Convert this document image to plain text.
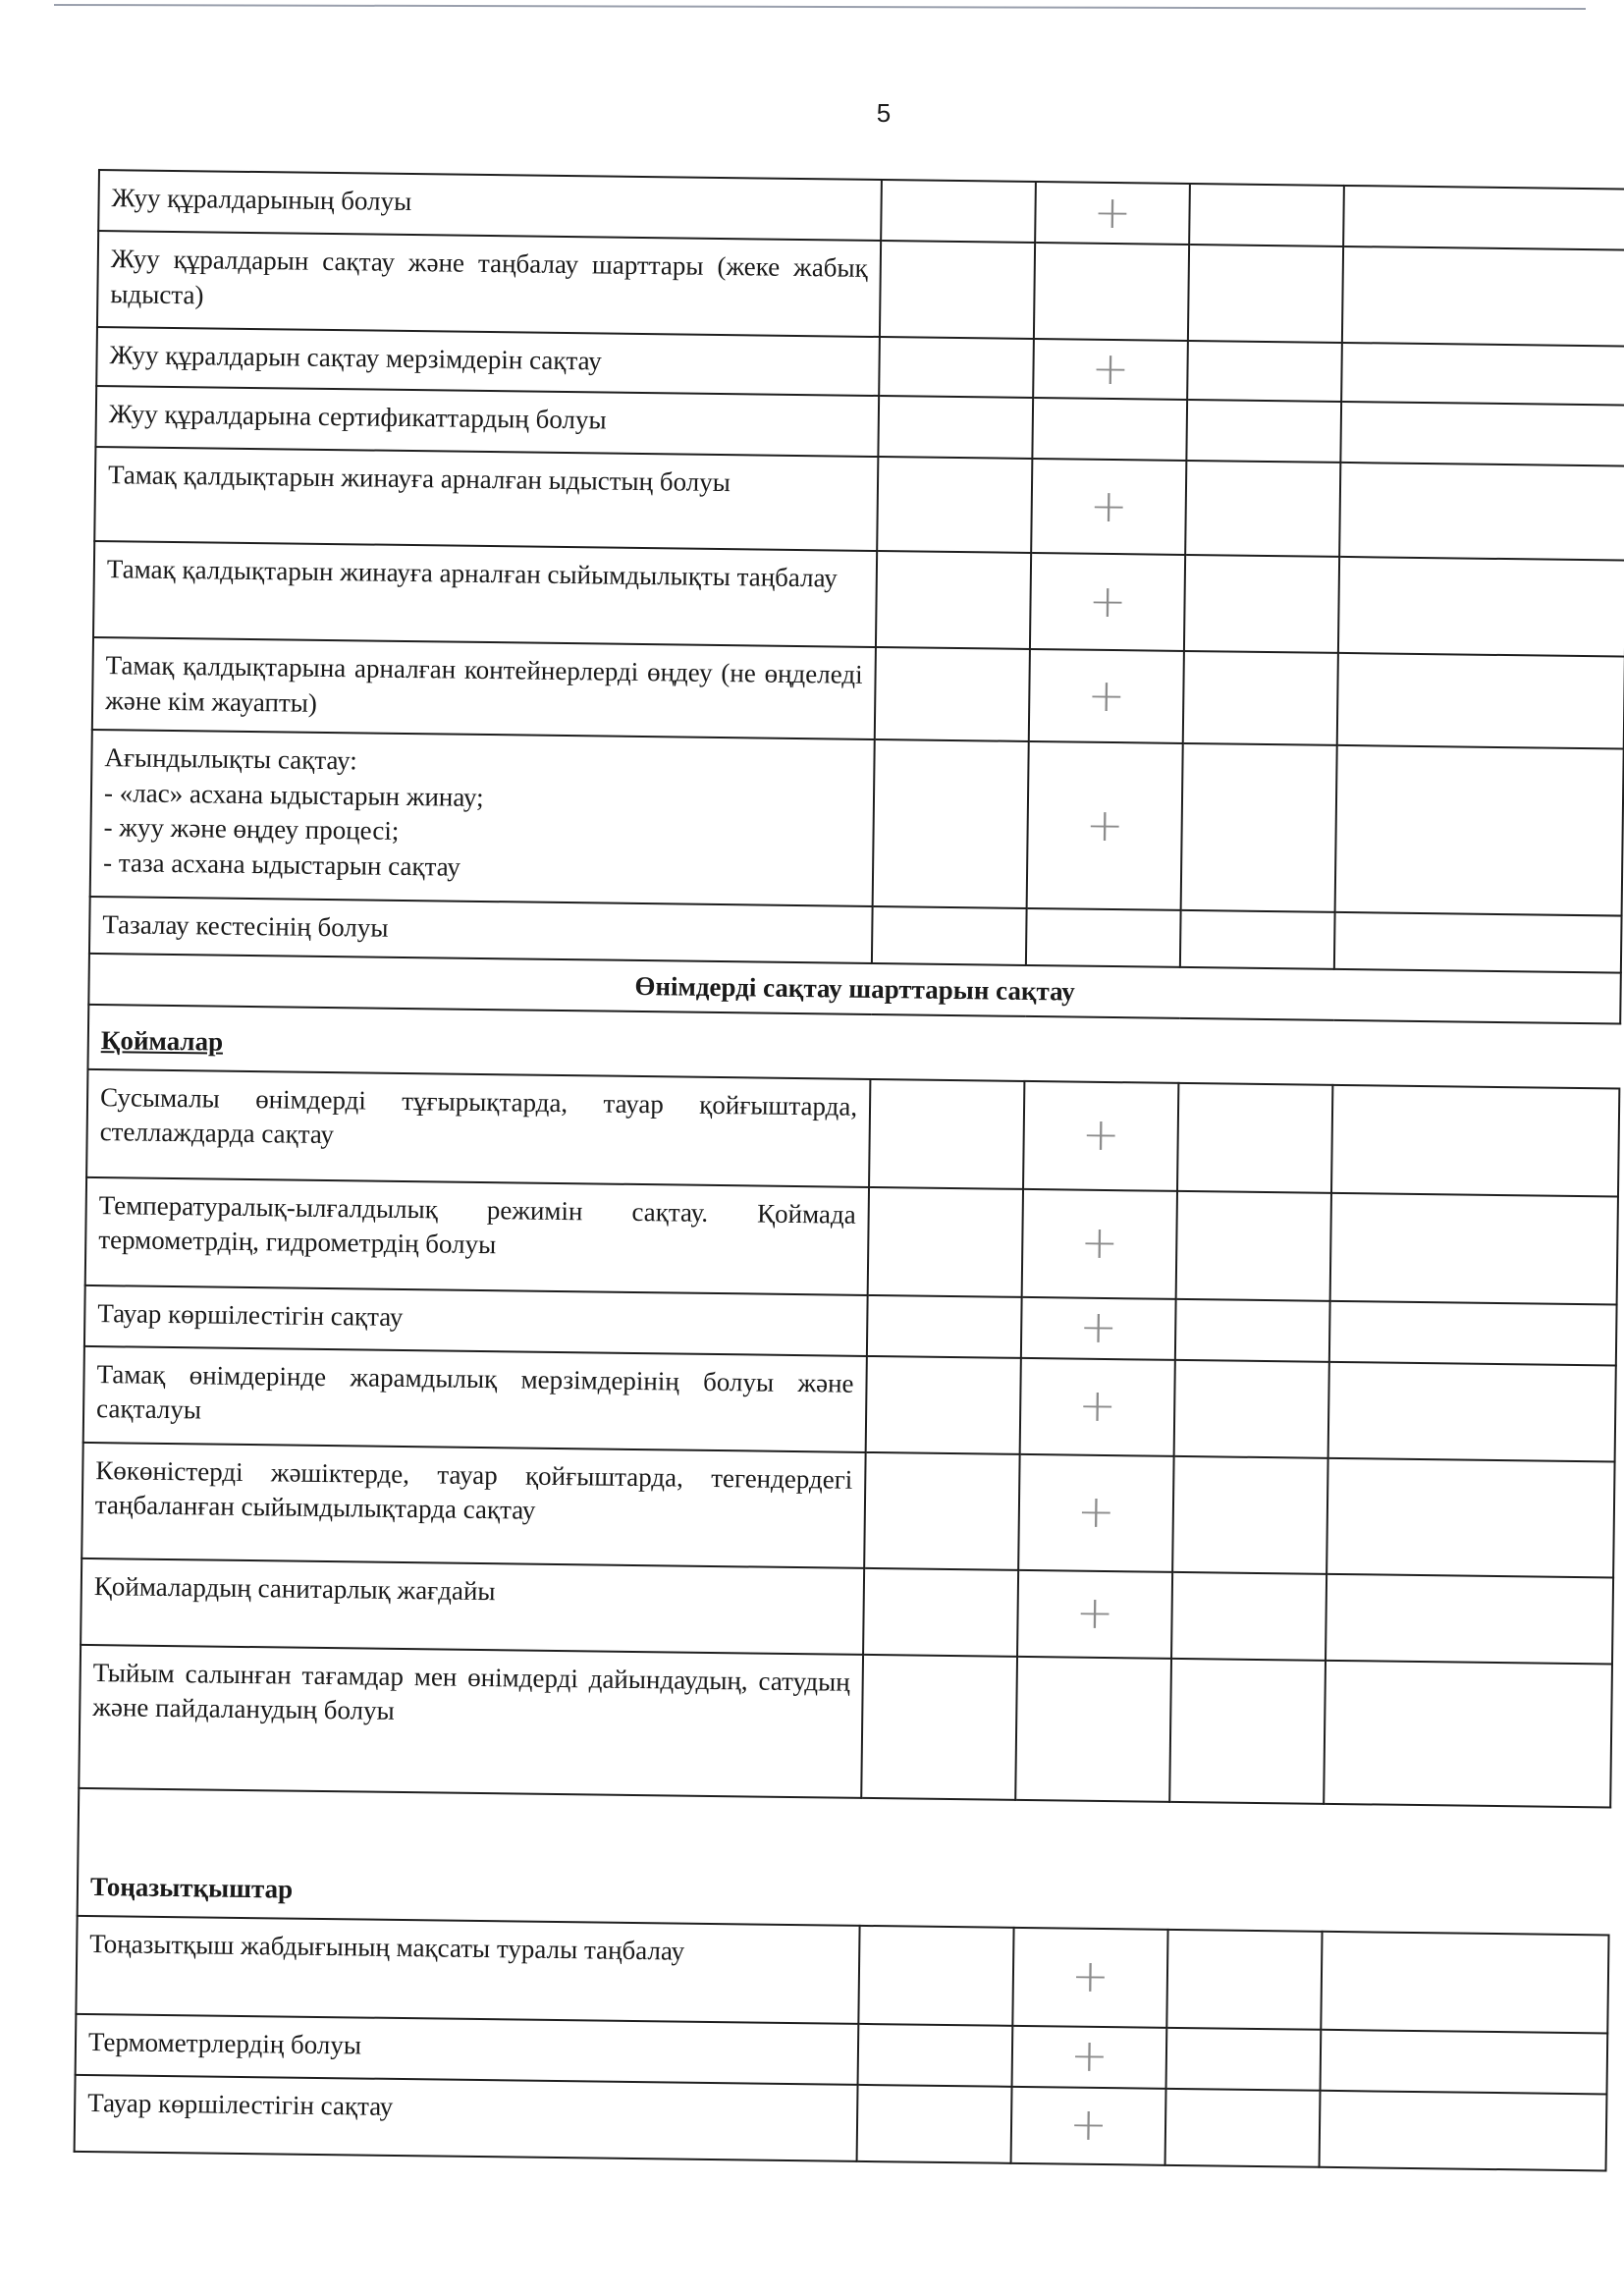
5
Жуу құралдарының болуы		+		
Жуу құралдарын сақтау және таңбалау шарттары (жеке жабық ыдыста)				
Жуу құралдарын сақтау мерзімдерін сақтау		+		
Жуу құралдарына сертификаттардың болуы				
Тамақ қалдықтарын жинауға арналған ыдыстың болуы		+		
Тамақ қалдықтарын жинауға арналған сыйымдылықты таңбалау		+		
Тамақ қалдықтарына арналған контейнерлерді өңдеу (не өңделеді және кім жауапты)		+		
Ағындылықты сақтау:
- «лас» асхана ыдыстарын жинау;
- жуу және өңдеу процесі;
- таза асхана ыдыстарын сақтау		+		
Тазалау кестесінің болуы				
Өнімдерді сақтау шарттарын сақтау				
Қоймалар				
Сусымалы өнімдерді тұғырықтарда, тауар қойғыштарда, стеллаждарда сақтау		+		
Температуралық-ылғалдылық режимін сақтау. Қоймада термометрдің, гидрометрдің болуы		+		
Тауар көршілестігін сақтау		+		
Тамақ өнімдерінде жарамдылық мерзімдерінің болуы және сақталуы		+		
Көкөністерді жәшіктерде, тауар қойғыштарда, тегендердегі таңбаланған сыйымдылықтарда сақтау		+		
Қоймалардың санитарлық жағдайы		+		
Тыйым салынған тағамдар мен өнімдерді дайындаудың, сатудың және пайдаланудың болуы				
Тоңазытқыштар				
Тоңазытқыш жабдығының мақсаты туралы таңбалау		+		
Термометрлердің болуы		+		
Тауар көршілестігін сақтау		+		
